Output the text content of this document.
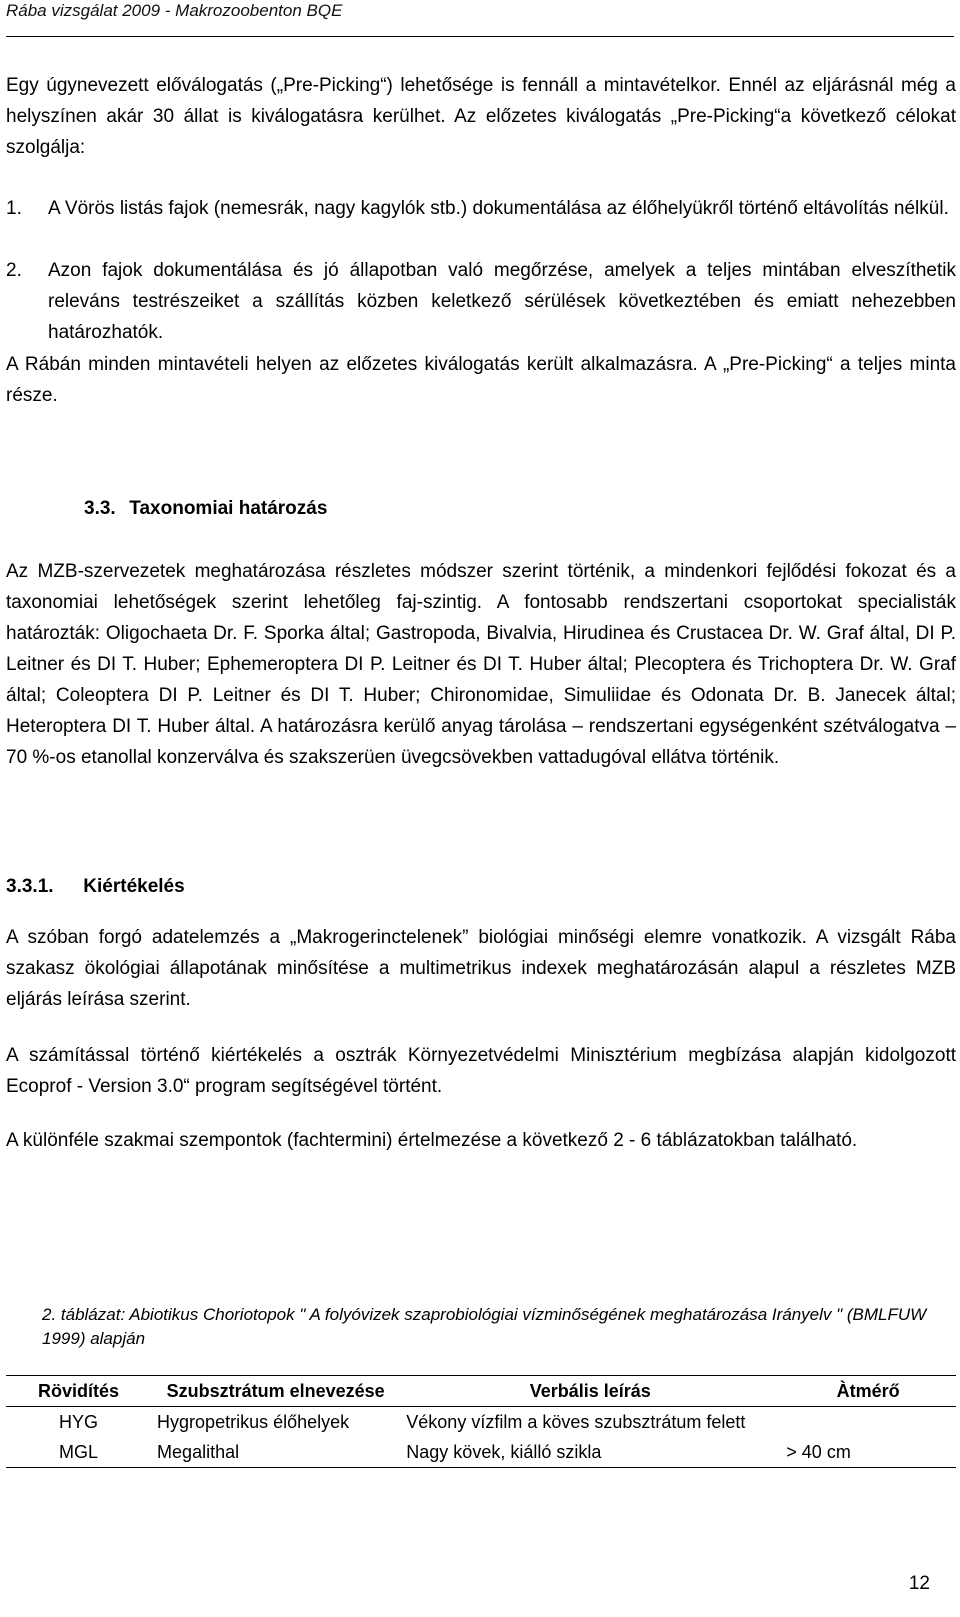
Rába vizsgálat 2009 - Makrozoobenton BQE
Egy úgynevezett előválogatás („Pre-Picking“) lehetősége is fennáll a mintavételkor. Ennél az eljárásnál még a helyszínen akár 30 állat is kiválogatásra kerülhet. Az előzetes kiválogatás „Pre-Picking“a következő célokat szolgálja:
1.	A Vörös listás fajok (nemesrák, nagy kagylók stb.) dokumentálása az élőhelyükről történő eltávolítás nélkül.
2.	Azon fajok dokumentálása és jó állapotban való megőrzése, amelyek a teljes mintában elveszíthetik releváns testrészeiket a szállítás közben keletkező sérülések következtében és emiatt nehezebben határozhatók.
A Rábán minden mintavételi helyen az előzetes kiválogatás került alkalmazásra. A „Pre-Picking“ a teljes minta része.
3.3. Taxonomiai határozás
Az MZB-szervezetek meghatározása részletes módszer szerint történik, a mindenkori fejlődési fokozat és a taxonomiai lehetőségek szerint lehetőleg faj-szintig. A fontosabb rendszertani csoportokat specialisták határozták: Oligochaeta Dr. F. Sporka által; Gastropoda, Bivalvia, Hirudinea és Crustacea Dr. W. Graf által, DI P. Leitner és DI T. Huber; Ephemeroptera DI P. Leitner és DI T. Huber által; Plecoptera és Trichoptera Dr. W. Graf által; Coleoptera DI P. Leitner és DI T. Huber; Chironomidae, Simuliidae és Odonata Dr. B. Janecek által; Heteroptera DI T. Huber által. A határozásra kerülő anyag tárolása – rendszertani egységenként szétválogatva – 70 %-os etanollal konzerválva és szakszerüen üvegcsövekben vattadugóval ellátva történik.
3.3.1. Kiértékelés
A szóban forgó adatelemzés a „Makrogerinctelenek” biológiai minőségi elemre vonatkozik. A vizsgált Rába szakasz ökológiai állapotának minősítése a multimetrikus indexek meghatározásán alapul a részletes MZB eljárás leírása szerint.
A számítással történő kiértékelés a osztrák Környezetvédelmi Minisztérium megbízása alapján kidolgozott Ecoprof - Version 3.0“ program segítségével történt.
A különféle szakmai szempontok (fachtermini) értelmezése a következő 2 - 6 táblázatokban található.
2. táblázat: Abiotikus Choriotopok " A folyóvizek szaprobiológiai vízminőségének meghatározása Irányelv " (BMLFUW 1999) alapján
Rövidítés	Szubsztrátum elnevezése	Verbális leírás	Àtmérő
HYG	Hygropetrikus élőhelyek	Vékony vízfilm a köves szubsztrátum felett	
MGL	Megalithal	Nagy kövek, kiálló szikla	> 40 cm
12
